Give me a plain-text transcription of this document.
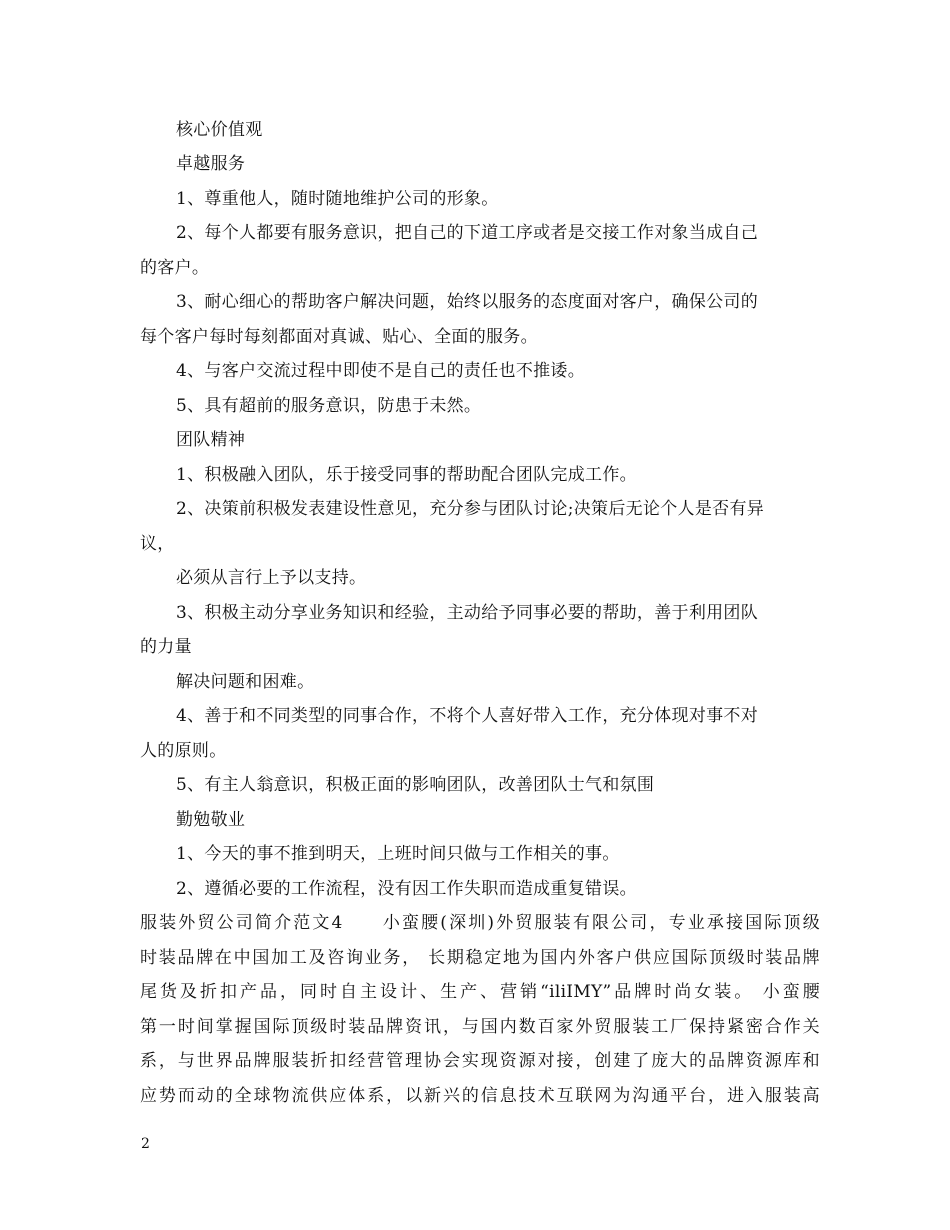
核心价值观
卓越服务
1、尊重他人，随时随地维护公司的形象。
2、每个人都要有服务意识，把自己的下道工序或者是交接工作对象当成自己
的客户。
3、耐心细心的帮助客户解决问题，始终以服务的态度面对客户，确保公司的
每个客户每时每刻都面对真诚、贴心、全面的服务。
4、与客户交流过程中即使不是自己的责任也不推诿。
5、具有超前的服务意识，防患于未然。
团队精神
1、积极融入团队，乐于接受同事的帮助配合团队完成工作。
2、决策前积极发表建设性意见，充分参与团队讨论;决策后无论个人是否有异
议，
必须从言行上予以支持。
3、积极主动分享业务知识和经验，主动给予同事必要的帮助，善于利用团队
的力量
解决问题和困难。
4、善于和不同类型的同事合作，不将个人喜好带入工作，充分体现对事不对
人的原则。
5、有主人翁意识，积极正面的影响团队，改善团队士气和氛围
勤勉敬业
1、今天的事不推到明天，上班时间只做与工作相关的事。
2、遵循必要的工作流程，没有因工作失职而造成重复错误。
服装外贸公司简介范文4　　小蛮腰(深圳)外贸服装有限公司，专业承接国际顶级
时装品牌在中国加工及咨询业务， 长期稳定地为国内外客户供应国际顶级时装品牌
尾货及折扣产品，同时自主设计、生产、营销“iliIMY”品牌时尚女装。 小蛮腰
第一时间掌握国际顶级时装品牌资讯，与国内数百家外贸服装工厂保持紧密合作关
系，与世界品牌服装折扣经营管理协会实现资源对接，创建了庞大的品牌资源库和
应势而动的全球物流供应体系，以新兴的信息技术互联网为沟通平台，进入服装高
2
